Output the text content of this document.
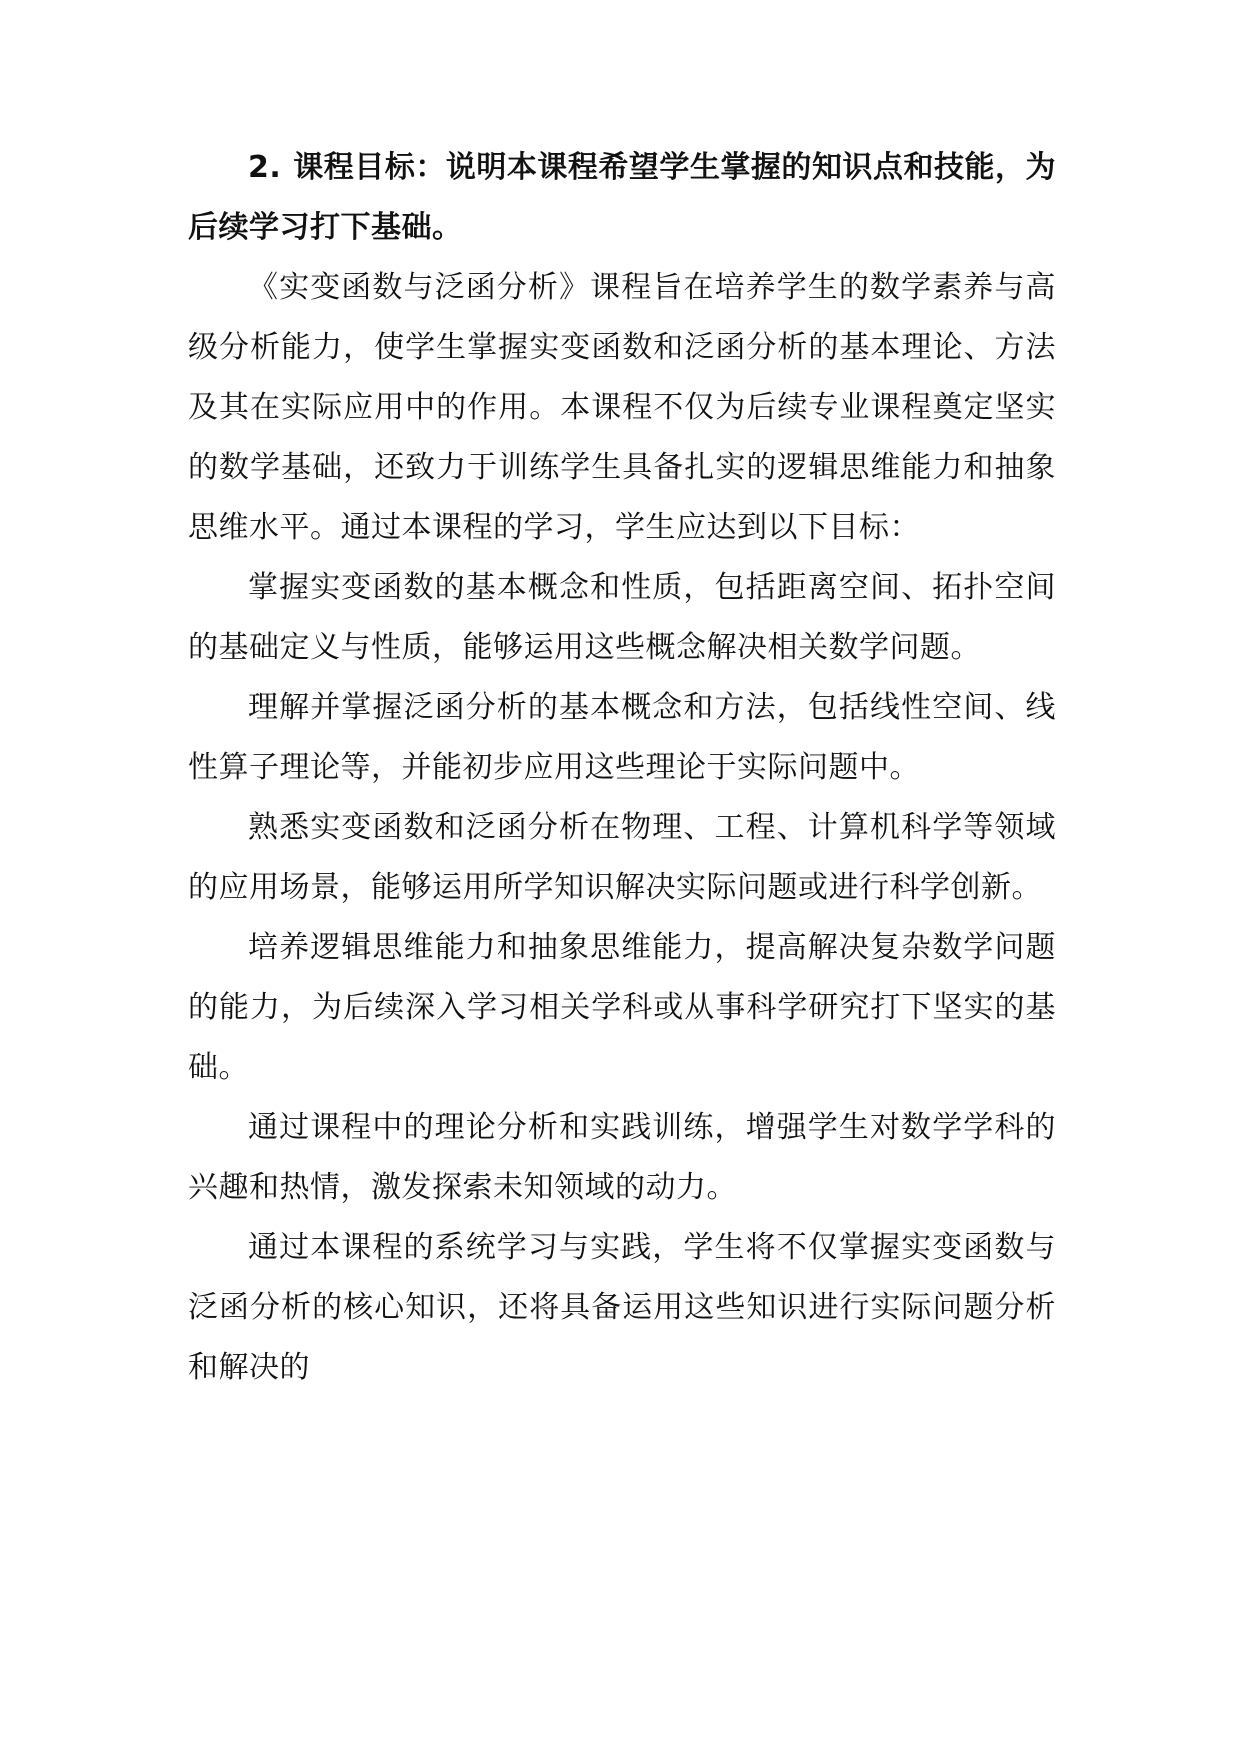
2. 课程目标：说明本课程希望学生掌握的知识点和技能，为后续学习打下基础。

《实变函数与泛函分析》课程旨在培养学生的数学素养与高级分析能力，使学生掌握实变函数和泛函分析的基本理论、方法及其在实际应用中的作用。本课程不仅为后续专业课程奠定坚实的数学基础，还致力于训练学生具备扎实的逻辑思维能力和抽象思维水平。通过本课程的学习，学生应达到以下目标：

掌握实变函数的基本概念和性质，包括距离空间、拓扑空间的基础定义与性质，能够运用这些概念解决相关数学问题。

理解并掌握泛函分析的基本概念和方法，包括线性空间、线性算子理论等，并能初步应用这些理论于实际问题中。

熟悉实变函数和泛函分析在物理、工程、计算机科学等领域的应用场景，能够运用所学知识解决实际问题或进行科学创新。

培养逻辑思维能力和抽象思维能力，提高解决复杂数学问题的能力，为后续深入学习相关学科或从事科学研究打下坚实的基础。

通过课程中的理论分析和实践训练，增强学生对数学学科的兴趣和热情，激发探索未知领域的动力。

通过本课程的系统学习与实践，学生将不仅掌握实变函数与泛函分析的核心知识，还将具备运用这些知识进行实际问题分析和解决的
